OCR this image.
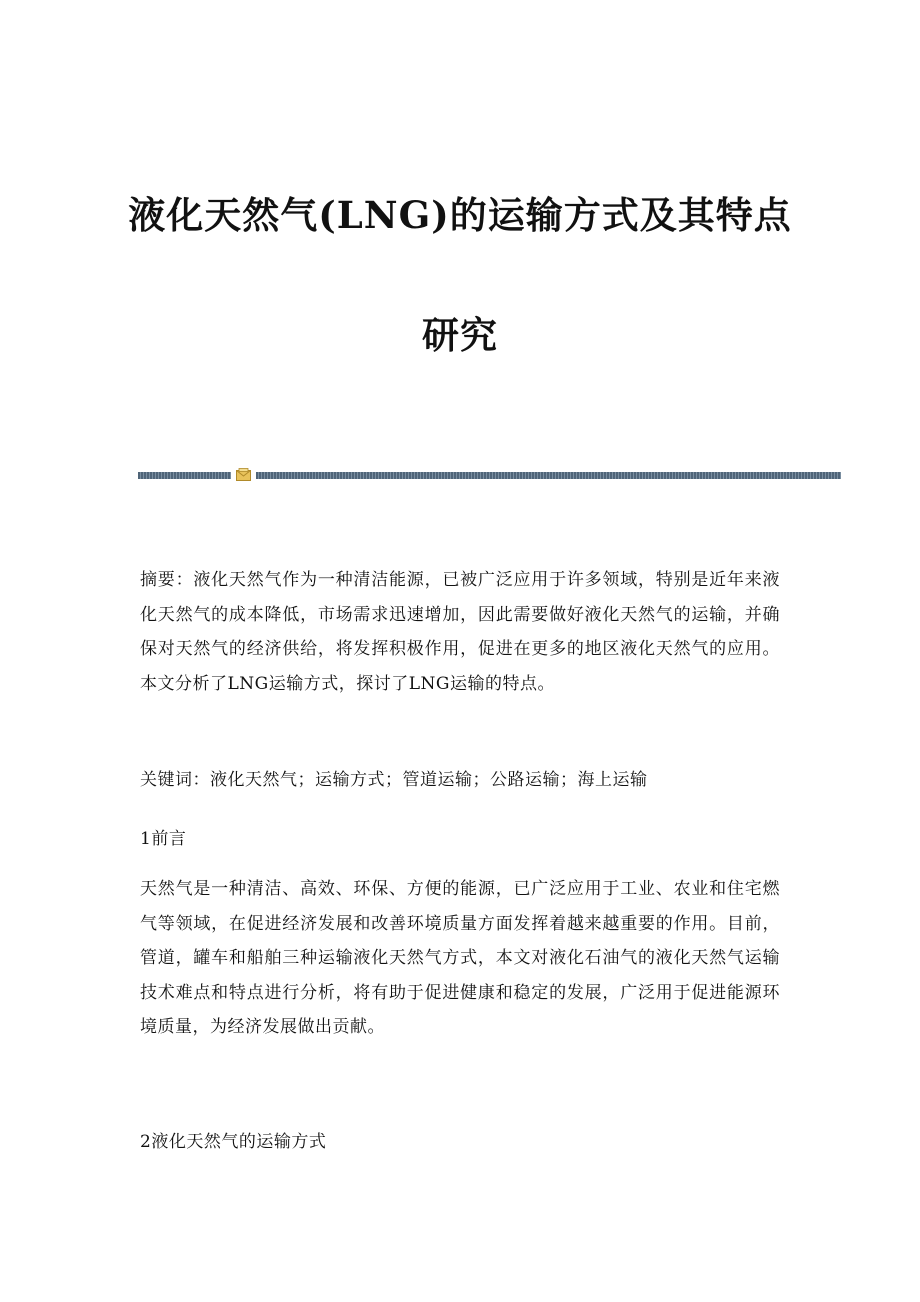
液化天然气(LNG)的运输方式及其特点
研究

摘要：液化天然气作为一种清洁能源，已被广泛应用于许多领域，特别是近年来液化天然气的成本降低，市场需求迅速增加，因此需要做好液化天然气的运输，并确保对天然气的经济供给，将发挥积极作用，促进在更多的地区液化天然气的应用。本文分析了LNG运输方式，探讨了LNG运输的特点。

关键词：液化天然气；运输方式；管道运输；公路运输；海上运输

1前言

天然气是一种清洁、高效、环保、方便的能源，已广泛应用于工业、农业和住宅燃气等领域，在促进经济发展和改善环境质量方面发挥着越来越重要的作用。目前，管道，罐车和船舶三种运输液化天然气方式，本文对液化石油气的液化天然气运输技术难点和特点进行分析，将有助于促进健康和稳定的发展，广泛用于促进能源环境质量，为经济发展做出贡献。

2液化天然气的运输方式
